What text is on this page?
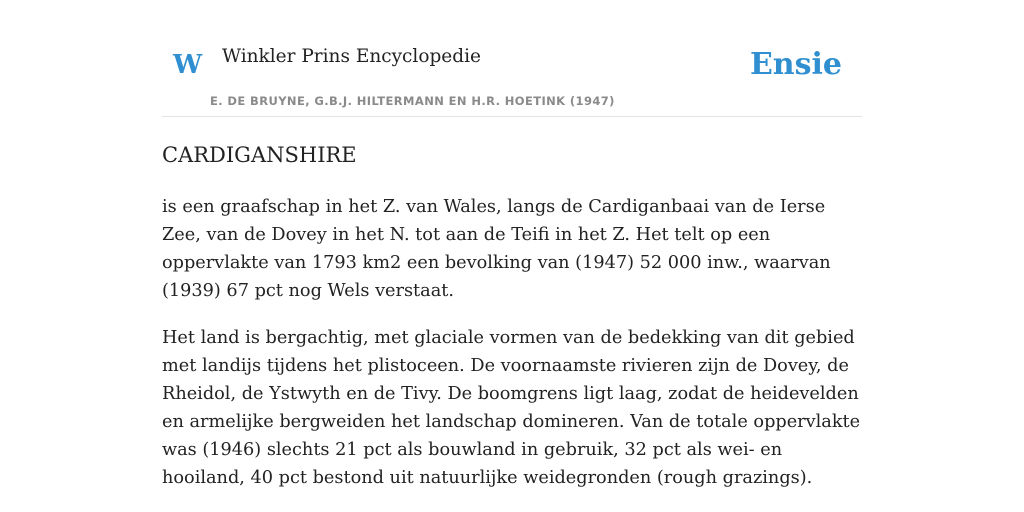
W Winkler Prins Encyclopedie
E. DE BRUYNE, G.B.J. HILTERMANN EN H.R. HOETINK (1947)
Ensie
CARDIGANSHIRE

is een graafschap in het Z. van Wales, langs de Cardiganbaai van de Ierse Zee, van de Dovey in het N. tot aan de Teifi in het Z. Het telt op een oppervlakte van 1793 km2 een bevolking van (1947) 52 000 inw., waarvan (1939) 67 pct nog Wels verstaat.

Het land is bergachtig, met glaciale vormen van de bedekking van dit gebied met landijs tijdens het plistoceen. De voornaamste rivieren zijn de Dovey, de Rheidol, de Ystwyth en de Tivy. De boomgrens ligt laag, zodat de heidevelden en armelijke bergweiden het landschap domineren. Van de totale oppervlakte was (1946) slechts 21 pct als bouwland in gebruik, 32 pct als wei- en hooiland, 40 pct bestond uit natuurlijke weidegronden (rough grazings).
